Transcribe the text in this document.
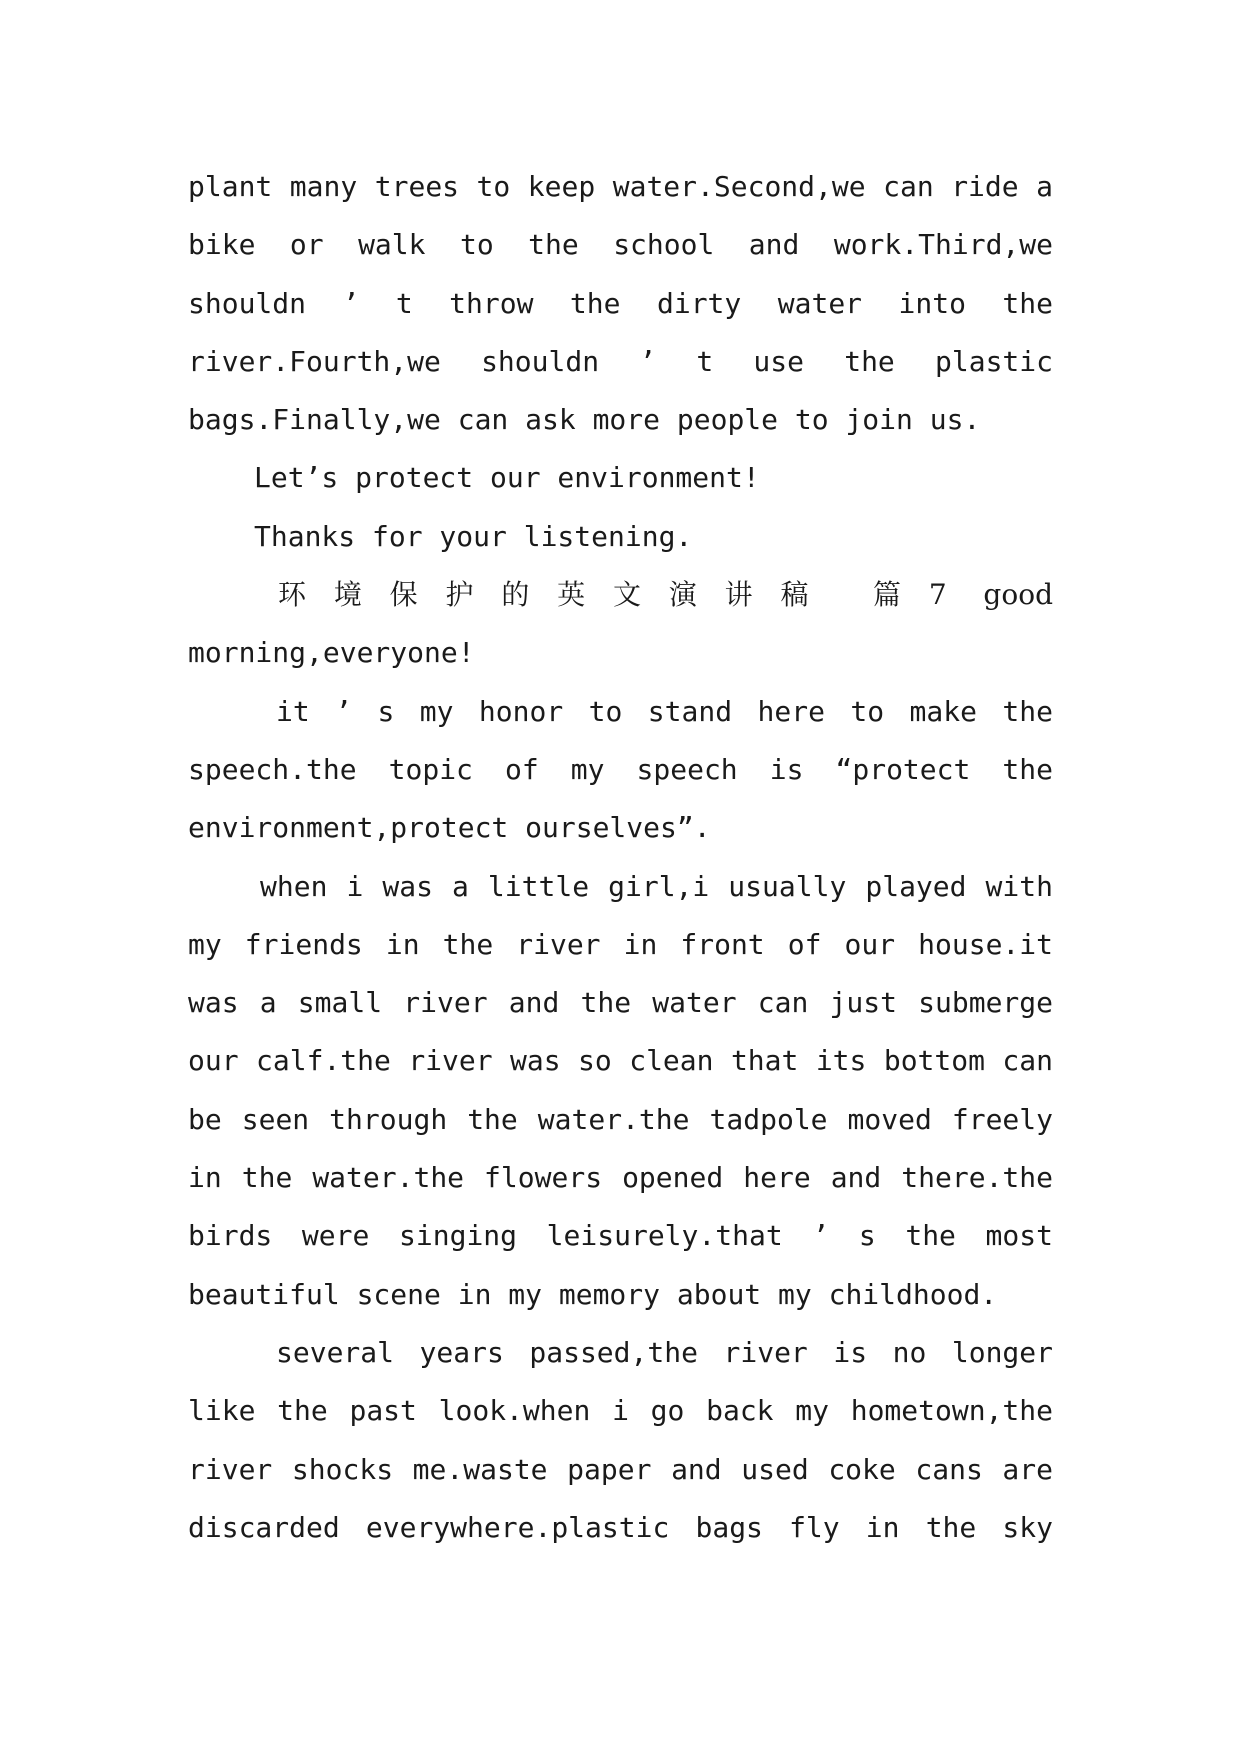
plant many trees to keep water.Second,we can ride a
bike or walk to the school and work.Third,we
shouldn ’ t throw the dirty water into the
river.Fourth,we shouldn ’ t use the plastic
bags.Finally,we can ask more people to join us.
Let’s protect our environment!
Thanks for your listening.
环境保护的英文演讲稿 篇7 good
morning,everyone!
it ’ s my honor to stand here to make the
speech.the topic of my speech is “protect the
environment,protect ourselves”.
when i was a little girl,i usually played with
my friends in the river in front of our house.it
was a small river and the water can just submerge
our calf.the river was so clean that its bottom can
be seen through the water.the tadpole moved freely
in the water.the flowers opened here and there.the
birds were singing leisurely.that ’ s the most
beautiful scene in my memory about my childhood.
several years passed,the river is no longer
like the past look.when i go back my hometown,the
river shocks me.waste paper and used coke cans are
discarded everywhere.plastic bags fly in the sky
